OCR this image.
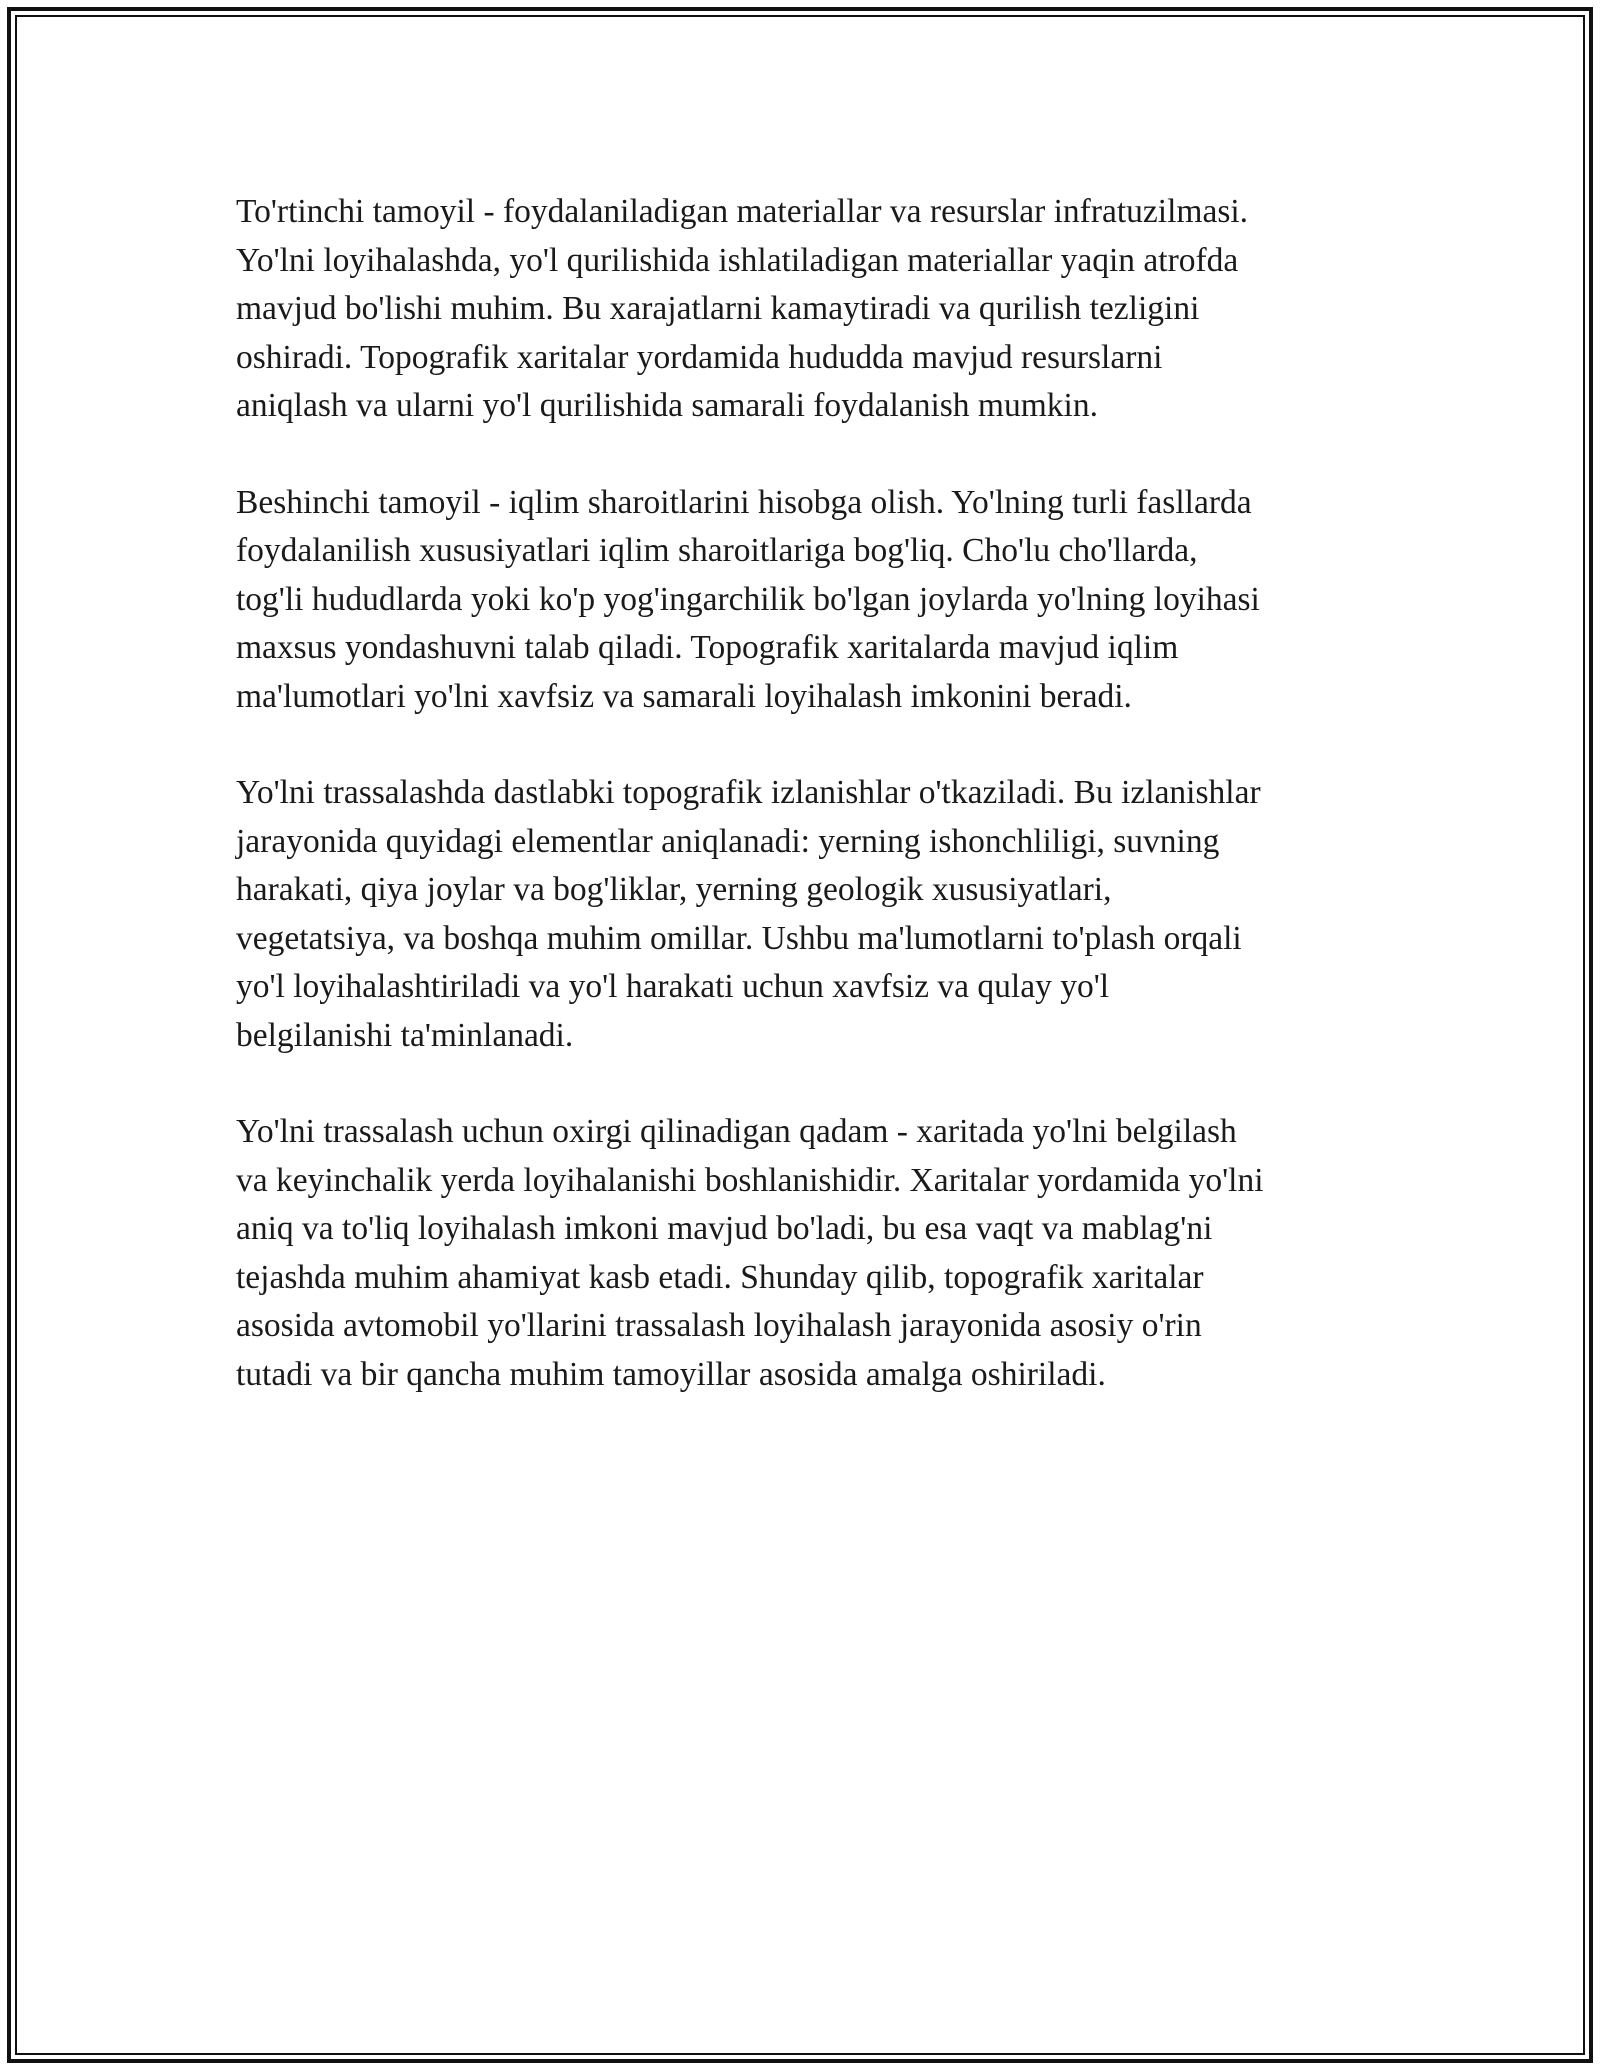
To'rtinchi tamoyil - foydalaniladigan materiallar va resurslar infratuzilmasi.
Yo'lni loyihalashda, yo'l qurilishida ishlatiladigan materiallar yaqin atrofda
mavjud bo'lishi muhim. Bu xarajatlarni kamaytiradi va qurilish tezligini
oshiradi. Topografik xaritalar yordamida hududda mavjud resurslarni
aniqlash va ularni yo'l qurilishida samarali foydalanish mumkin.

Beshinchi tamoyil - iqlim sharoitlarini hisobga olish. Yo'lning turli fasllarda
foydalanilish xususiyatlari iqlim sharoitlariga bog'liq. Cho'lu cho'llarda,
tog'li hududlarda yoki ko'p yog'ingarchilik bo'lgan joylarda yo'lning loyihasi
maxsus yondashuvni talab qiladi. Topografik xaritalarda mavjud iqlim
ma'lumotlari yo'lni xavfsiz va samarali loyihalash imkonini beradi.

Yo'lni trassalashda dastlabki topografik izlanishlar o'tkaziladi. Bu izlanishlar
jarayonida quyidagi elementlar aniqlanadi: yerning ishonchliligi, suvning
harakati, qiya joylar va bog'liklar, yerning geologik xususiyatlari,
vegetatsiya, va boshqa muhim omillar. Ushbu ma'lumotlarni to'plash orqali
yo'l loyihalashtiriladi va yo'l harakati uchun xavfsiz va qulay yo'l
belgilanishi ta'minlanadi.

Yo'lni trassalash uchun oxirgi qilinadigan qadam - xaritada yo'lni belgilash
va keyinchalik yerda loyihalanishi boshlanishidir. Xaritalar yordamida yo'lni
aniq va to'liq loyihalash imkoni mavjud bo'ladi, bu esa vaqt va mablag'ni
tejashda muhim ahamiyat kasb etadi. Shunday qilib, topografik xaritalar
asosida avtomobil yo'llarini trassalash loyihalash jarayonida asosiy o'rin
tutadi va bir qancha muhim tamoyillar asosida amalga oshiriladi.
